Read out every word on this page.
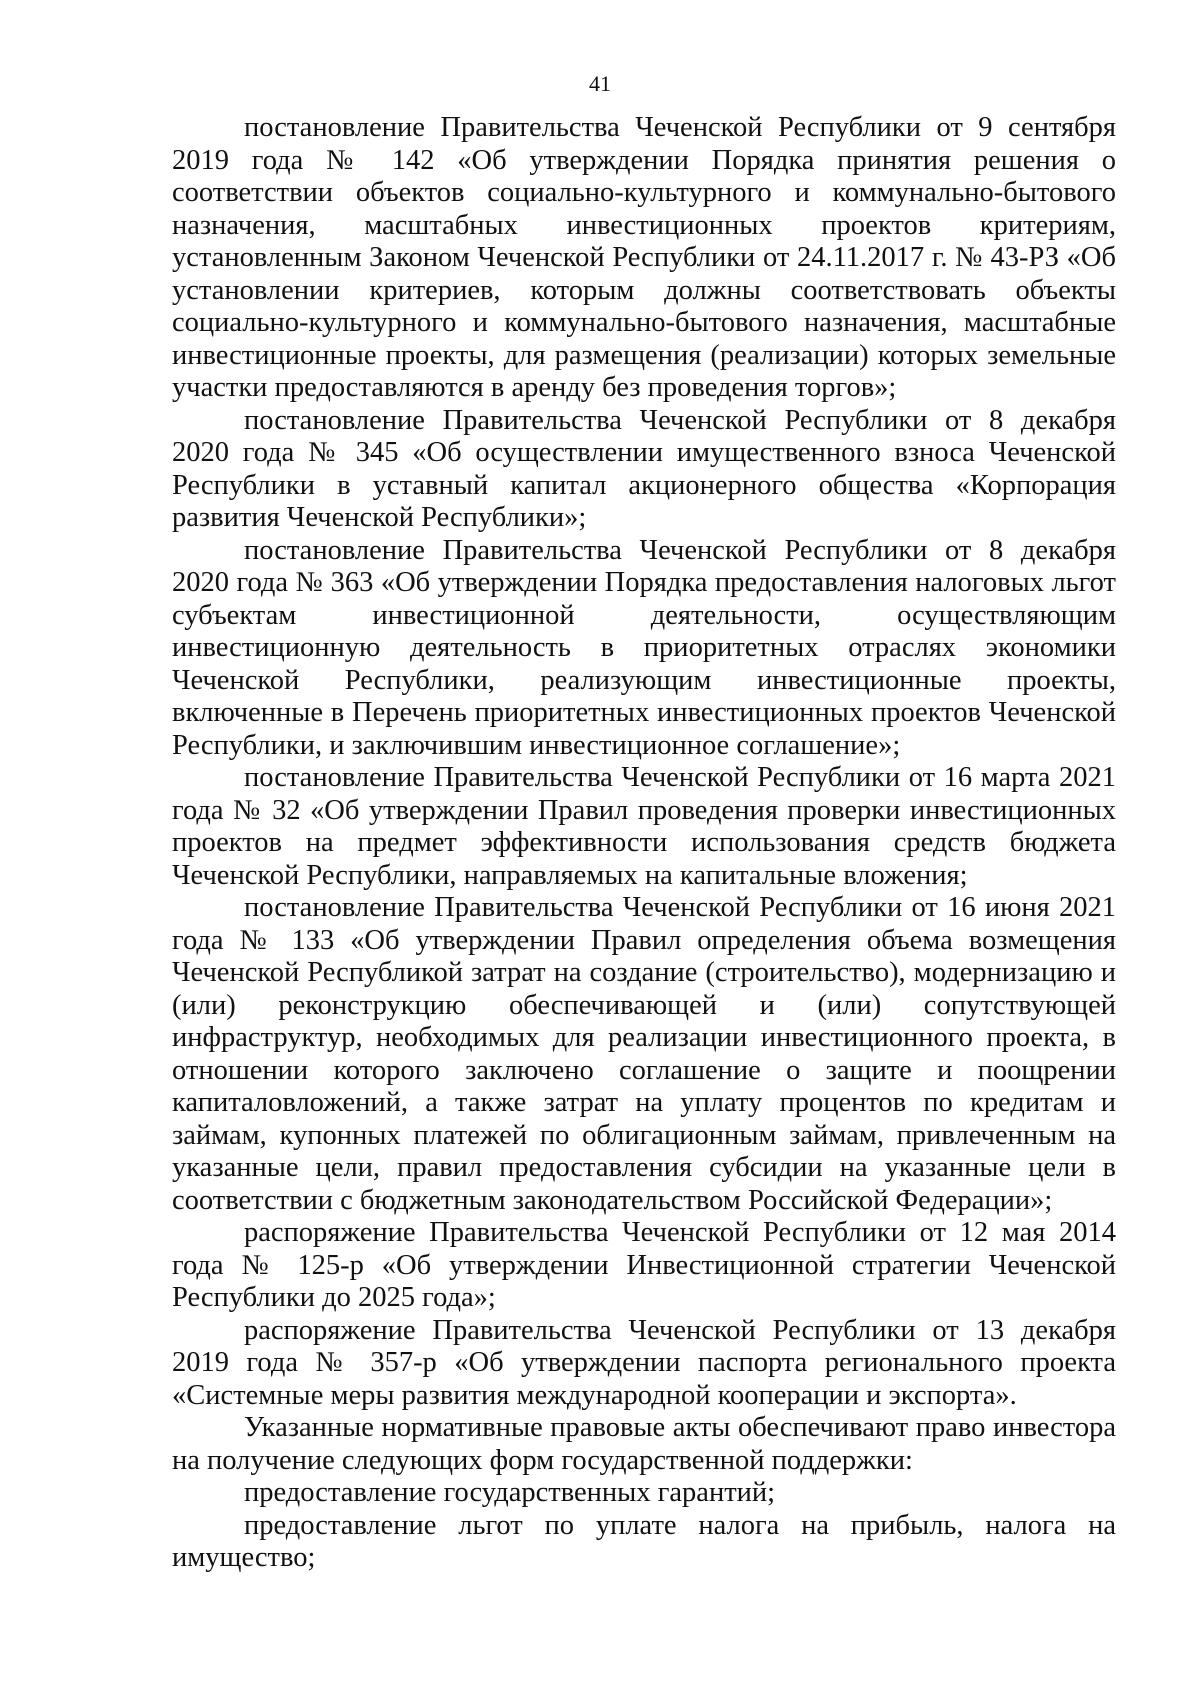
41

постановление Правительства Чеченской Республики от 9 сентября 2019 года № 142 «Об утверждении Порядка принятия решения о соответствии объектов социально-культурного и коммунально-бытового назначения, масштабных инвестиционных проектов критериям, установленным Законом Чеченской Республики от 24.11.2017 г. № 43-РЗ «Об установлении критериев, которым должны соответствовать объекты социально-культурного и коммунально-бытового назначения, масштабные инвестиционные проекты, для размещения (реализации) которых земельные участки предоставляются в аренду без проведения торгов»;

постановление Правительства Чеченской Республики от 8 декабря 2020 года № 345 «Об осуществлении имущественного взноса Чеченской Республики в уставный капитал акционерного общества «Корпорация развития Чеченской Республики»;

постановление Правительства Чеченской Республики от 8 декабря 2020 года № 363 «Об утверждении Порядка предоставления налоговых льгот субъектам инвестиционной деятельности, осуществляющим инвестиционную деятельность в приоритетных отраслях экономики Чеченской Республики, реализующим инвестиционные проекты, включенные в Перечень приоритетных инвестиционных проектов Чеченской Республики, и заключившим инвестиционное соглашение»;

постановление Правительства Чеченской Республики от 16 марта 2021 года № 32 «Об утверждении Правил проведения проверки инвестиционных проектов на предмет эффективности использования средств бюджета Чеченской Республики, направляемых на капитальные вложения;

постановление Правительства Чеченской Республики от 16 июня 2021 года № 133 «Об утверждении Правил определения объема возмещения Чеченской Республикой затрат на создание (строительство), модернизацию и (или) реконструкцию обеспечивающей и (или) сопутствующей инфраструктур, необходимых для реализации инвестиционного проекта, в отношении которого заключено соглашение о защите и поощрении капиталовложений, а также затрат на уплату процентов по кредитам и займам, купонных платежей по облигационным займам, привлеченным на указанные цели, правил предоставления субсидии на указанные цели в соответствии с бюджетным законодательством Российской Федерации»;

распоряжение Правительства Чеченской Республики от 12 мая 2014 года № 125-р «Об утверждении Инвестиционной стратегии Чеченской Республики до 2025 года»;

распоряжение Правительства Чеченской Республики от 13 декабря 2019 года № 357-р «Об утверждении паспорта регионального проекта «Системные меры развития международной кооперации и экспорта».

Указанные нормативные правовые акты обеспечивают право инвестора на получение следующих форм государственной поддержки:

предоставление государственных гарантий;

предоставление льгот по уплате налога на прибыль, налога на имущество;
